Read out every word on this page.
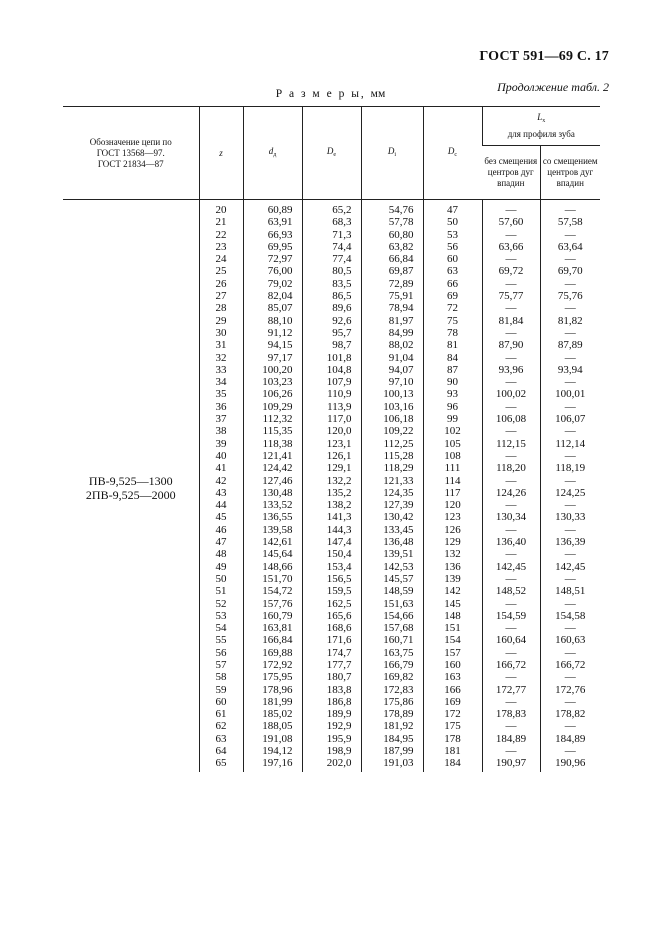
ГОСТ 591—69 С. 17
Продолжение табл. 2
Р а з м е р ы, мм
Обозначение цепи по ГОСТ 13568—97. ГОСТ 21834—87	z	$d_д$	$D_e$	$D_i$	$D_c$	$L_x$
для профиля зуба	

						без смещения центров дуг впадин	со смещением центров дуг впадин

ПВ-9,525—1300
2ПВ-9,525—2000	20	60,89	65,2	54,76	47	—	—
	21	63,91	68,3	57,78	50	57,60	57,58
	22	66,93	71,3	60,80	53	—	—
	23	69,95	74,4	63,82	56	63,66	63,64
	24	72,97	77,4	66,84	60	—	—
	25	76,00	80,5	69,87	63	69,72	69,70
	26	79,02	83,5	72,89	66	—	—
	27	82,04	86,5	75,91	69	75,77	75,76
	28	85,07	89,6	78,94	72	—	—
	29	88,10	92,6	81,97	75	81,84	81,82
	30	91,12	95,7	84,99	78	—	—
	31	94,15	98,7	88,02	81	87,90	87,89
	32	97,17	101,8	91,04	84	—	—
	33	100,20	104,8	94,07	87	93,96	93,94
	34	103,23	107,9	97,10	90	—	—
	35	106,26	110,9	100,13	93	100,02	100,01
	36	109,29	113,9	103,16	96	—	—
	37	112,32	117,0	106,18	99	106,08	106,07
	38	115,35	120,0	109,22	102	—	—
	39	118,38	123,1	112,25	105	112,15	112,14
	40	121,41	126,1	115,28	108	—	—
	41	124,42	129,1	118,29	111	118,20	118,19
	42	127,46	132,2	121,33	114	—	—
	43	130,48	135,2	124,35	117	124,26	124,25
	44	133,52	138,2	127,39	120	—	—
	45	136,55	141,3	130,42	123	130,34	130,33
	46	139,58	144,3	133,45	126	—	—
	47	142,61	147,4	136,48	129	136,40	136,39
	48	145,64	150,4	139,51	132	—	—
	49	148,66	153,4	142,53	136	142,45	142,45
	50	151,70	156,5	145,57	139	—	—
	51	154,72	159,5	148,59	142	148,52	148,51
	52	157,76	162,5	151,63	145	—	—
	53	160,79	165,6	154,66	148	154,59	154,58
	54	163,81	168,6	157,68	151	—	—
	55	166,84	171,6	160,71	154	160,64	160,63
	56	169,88	174,7	163,75	157	—	—
	57	172,92	177,7	166,79	160	166,72	166,72
	58	175,95	180,7	169,82	163	—	—
	59	178,96	183,8	172,83	166	172,77	172,76
	60	181,99	186,8	175,86	169	—	—
	61	185,02	189,9	178,89	172	178,83	178,82
	62	188,05	192,9	181,92	175	—	—
	63	191,08	195,9	184,95	178	184,89	184,89
	64	194,12	198,9	187,99	181	—	—
	65	197,16	202,0	191,03	184	190,97	190,96
